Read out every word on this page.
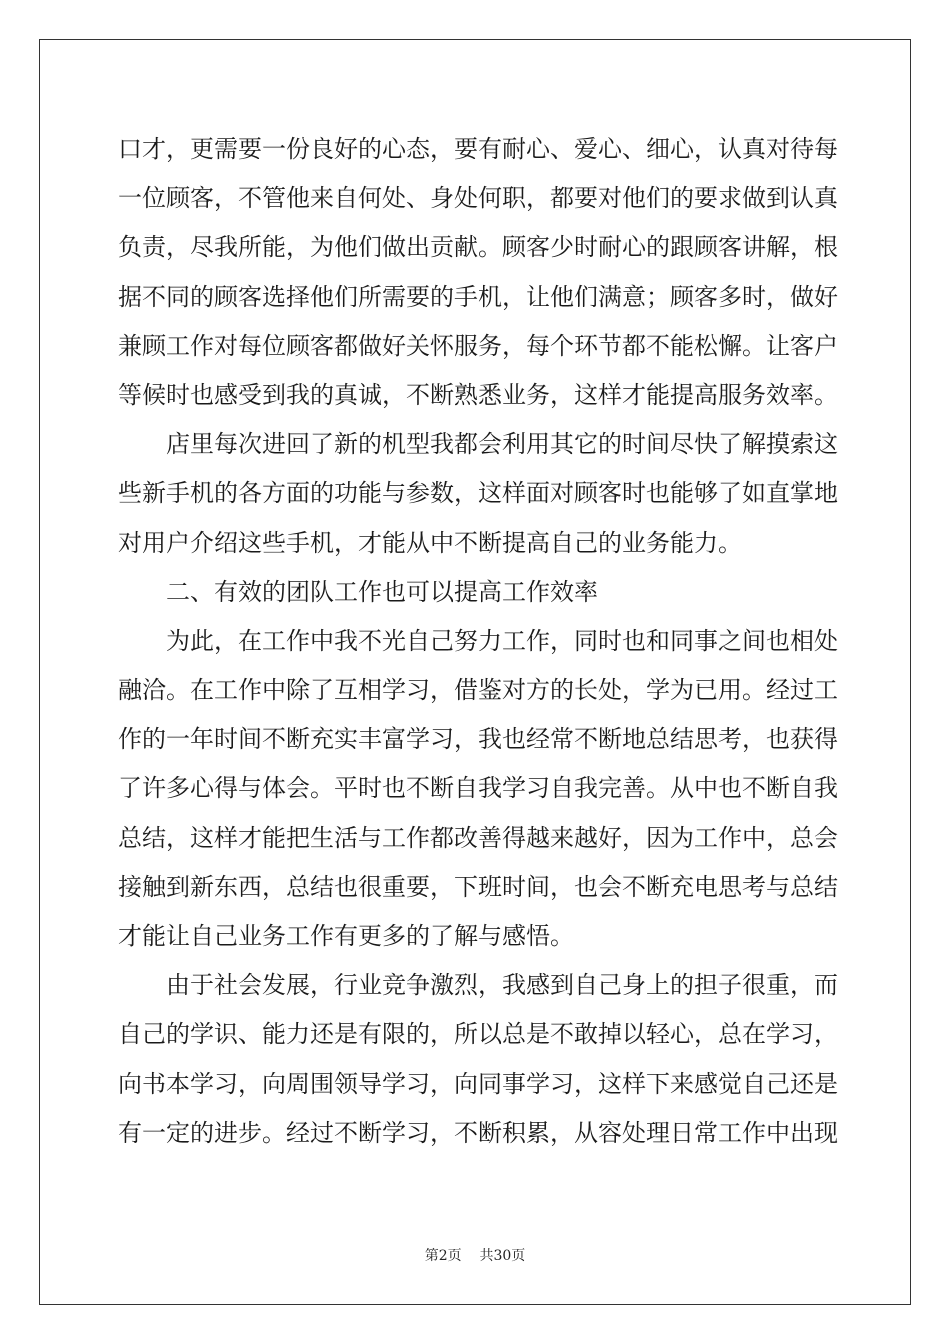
口才，更需要一份良好的心态，要有耐心、爱心、细心，认真对待每
一位顾客，不管他来自何处、身处何职，都要对他们的要求做到认真
负责，尽我所能，为他们做出贡献。顾客少时耐心的跟顾客讲解，根
据不同的顾客选择他们所需要的手机，让他们满意；顾客多时，做好
兼顾工作对每位顾客都做好关怀服务，每个环节都不能松懈。让客户
等候时也感受到我的真诚，不断熟悉业务，这样才能提高服务效率。
店里每次进回了新的机型我都会利用其它的时间尽快了解摸索这
些新手机的各方面的功能与参数，这样面对顾客时也能够了如直掌地
对用户介绍这些手机，才能从中不断提高自己的业务能力。
二、有效的团队工作也可以提高工作效率
为此，在工作中我不光自己努力工作，同时也和同事之间也相处
融洽。在工作中除了互相学习，借鉴对方的长处，学为已用。经过工
作的一年时间不断充实丰富学习，我也经常不断地总结思考，也获得
了许多心得与体会。平时也不断自我学习自我完善。从中也不断自我
总结，这样才能把生活与工作都改善得越来越好，因为工作中，总会
接触到新东西，总结也很重要，下班时间，也会不断充电思考与总结
才能让自己业务工作有更多的了解与感悟。
由于社会发展，行业竞争激烈，我感到自己身上的担子很重，而
自己的学识、能力还是有限的，所以总是不敢掉以轻心，总在学习，
向书本学习，向周围领导学习，向同事学习，这样下来感觉自己还是
有一定的进步。经过不断学习，不断积累，从容处理日常工作中出现
第2页 共30页
